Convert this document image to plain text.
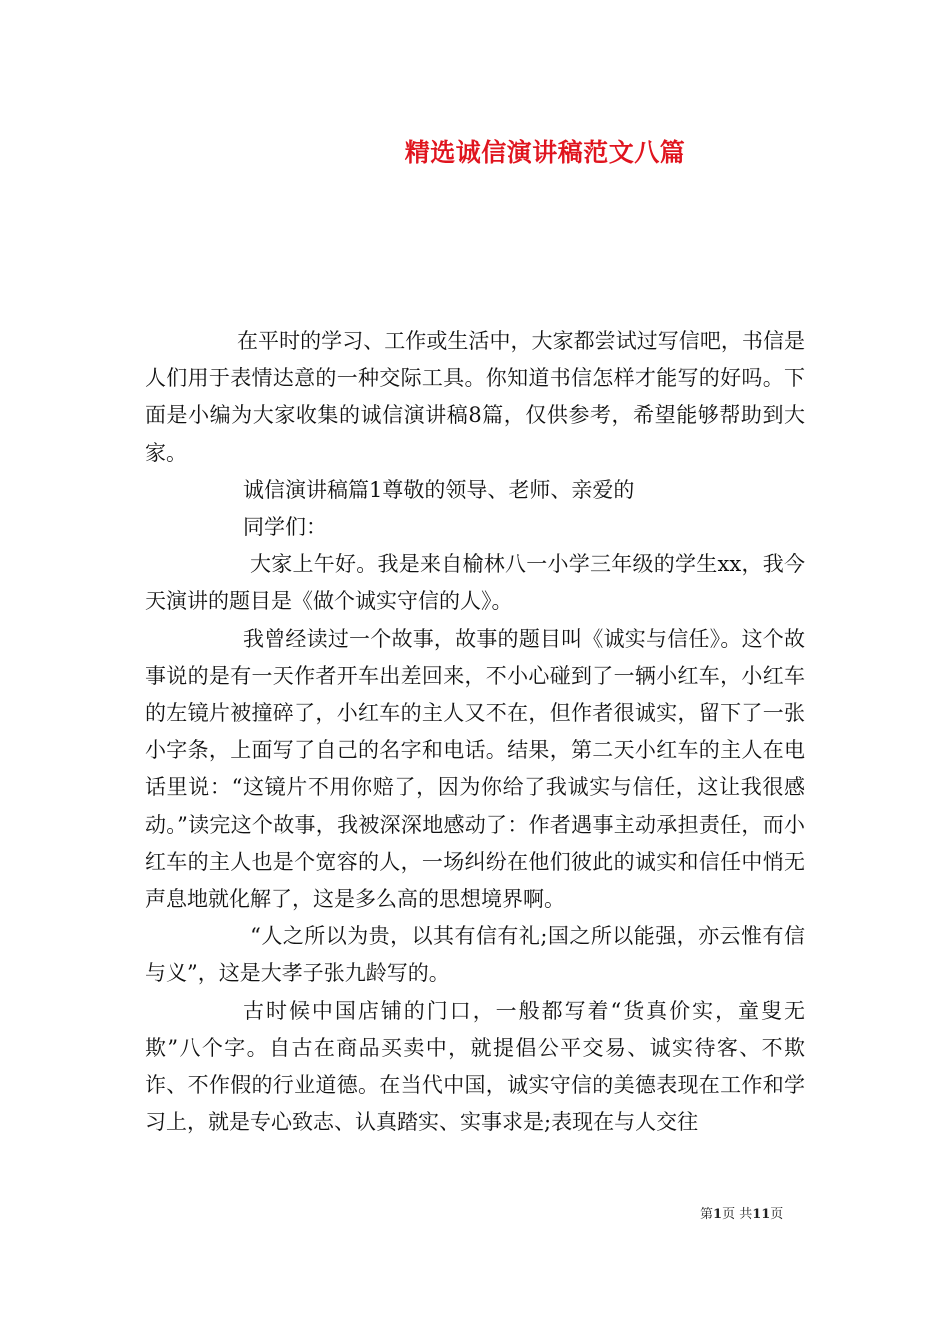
精选诚信演讲稿范文八篇

在平时的学习、工作或生活中，大家都尝试过写信吧，书信是人们用于表情达意的一种交际工具。你知道书信怎样才能写的好吗。下面是小编为大家收集的诚信演讲稿8篇，仅供参考，希望能够帮助到大家。

诚信演讲稿篇1尊敬的领导、老师、亲爱的

同学们：

大家上午好。我是来自榆林八一小学三年级的学生xx，我今天演讲的题目是《做个诚实守信的人》。

我曾经读过一个故事，故事的题目叫《诚实与信任》。这个故事说的是有一天作者开车出差回来，不小心碰到了一辆小红车，小红车的左镜片被撞碎了，小红车的主人又不在，但作者很诚实，留下了一张小字条，上面写了自己的名字和电话。结果，第二天小红车的主人在电话里说：“这镜片不用你赔了，因为你给了我诚实与信任，这让我很感动。”读完这个故事，我被深深地感动了：作者遇事主动承担责任，而小红车的主人也是个宽容的人，一场纠纷在他们彼此的诚实和信任中悄无声息地就化解了，这是多么高的思想境界啊。

“人之所以为贵，以其有信有礼;国之所以能强，亦云惟有信与义”，这是大孝子张九龄写的。

古时候中国店铺的门口，一般都写着“货真价实，童叟无欺”八个字。自古在商品买卖中，就提倡公平交易、诚实待客、不欺诈、不作假的行业道德。在当代中国，诚实守信的美德表现在工作和学习上，就是专心致志、认真踏实、实事求是;表现在与人交往

第1页 共11页
